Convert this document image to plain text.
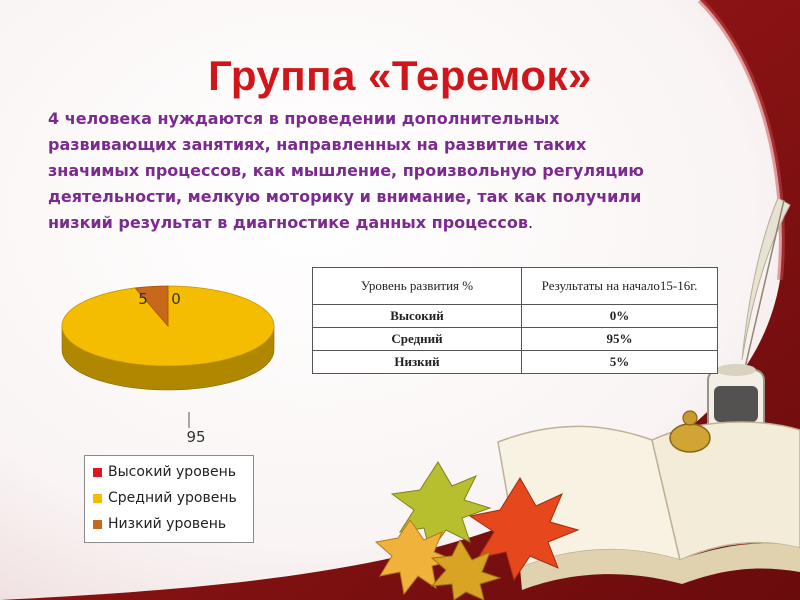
Группа «Теремок»
4 человека нуждаются в проведении дополнительных
развивающих занятиях, направленных на развитие таких
значимых процессов, как мышление, произвольную регуляцию
деятельности, мелкую моторику и внимание, так как получили
низкий результат в диагностике данных процессов.
0
95
5
Высокий уровень
Средний уровень
Низкий уровень
Уровень развития %	Результаты на начало15-16г.
Высокий	0%
Средний	95%
Низкий	5%
